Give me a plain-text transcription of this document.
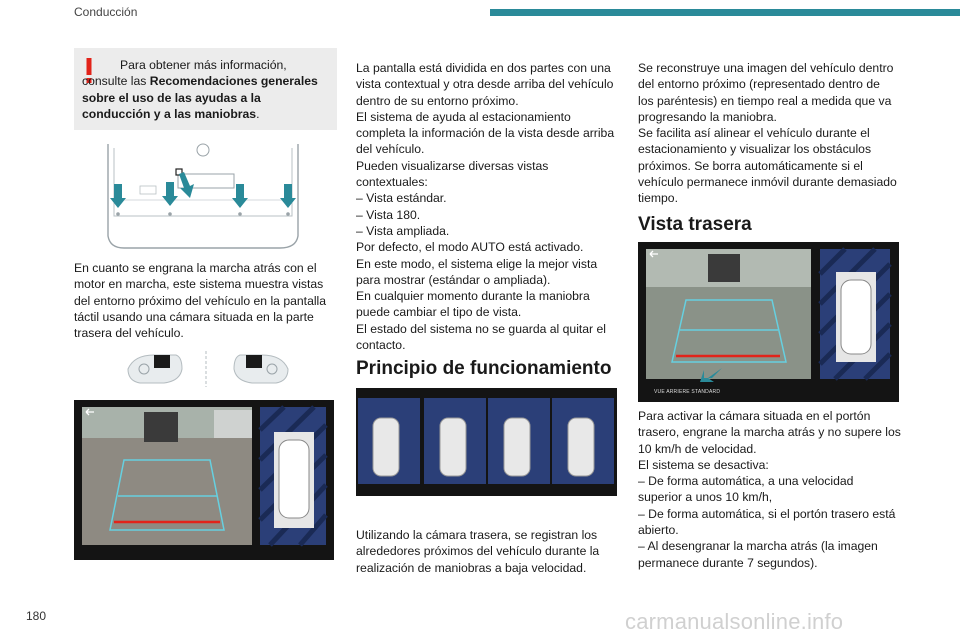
Conducción
Para obtener más información, consulte las Recomendaciones generales sobre el uso de las ayudas a la conducción y a las maniobras.

En cuanto se engrana la marcha atrás con el

motor en marcha, este sistema muestra vistas

del entorno próximo del vehículo en la pantalla

táctil usando una cámara situada en la parte

trasera del vehículo.

La pantalla está dividida en dos partes con una

vista contextual y otra desde arriba del vehículo

dentro de su entorno próximo.

El sistema de ayuda al estacionamiento

completa la información de la vista desde arriba

del vehículo.

Pueden visualizarse diversas vistas

contextuales:

– Vista estándar.

– Vista 180.

– Vista ampliada.

Por defecto, el modo AUTO está activado.

En este modo, el sistema elige la mejor vista

para mostrar (estándar o ampliada).

En cualquier momento durante la maniobra

puede cambiar el tipo de vista.

El estado del sistema no se guarda al quitar el

contacto.

Principio de funcionamiento

Utilizando la cámara trasera, se registran los

alrededores próximos del vehículo durante la

realización de maniobras a baja velocidad.

Se reconstruye una imagen del vehículo dentro

del entorno próximo (representado dentro de

los paréntesis) en tiempo real a medida que va

progresando la maniobra.

Se facilita así alinear el vehículo durante el

estacionamiento y visualizar los obstáculos

próximos. Se borra automáticamente si el

vehículo permanece inmóvil durante demasiado

tiempo.

Vista trasera
VUE ARRIERE STANDARD

Para activar la cámara situada en el portón

trasero, engrane la marcha atrás y no supere los

10 km/h de velocidad.

El sistema se desactiva:

– De forma automática, a una velocidad

superior a unos 10 km/h,

– De forma automática, si el portón trasero está

abierto.

– Al desengranar la marcha atrás (la imagen

permanece durante 7 segundos).

180	carmanualsonline.info
